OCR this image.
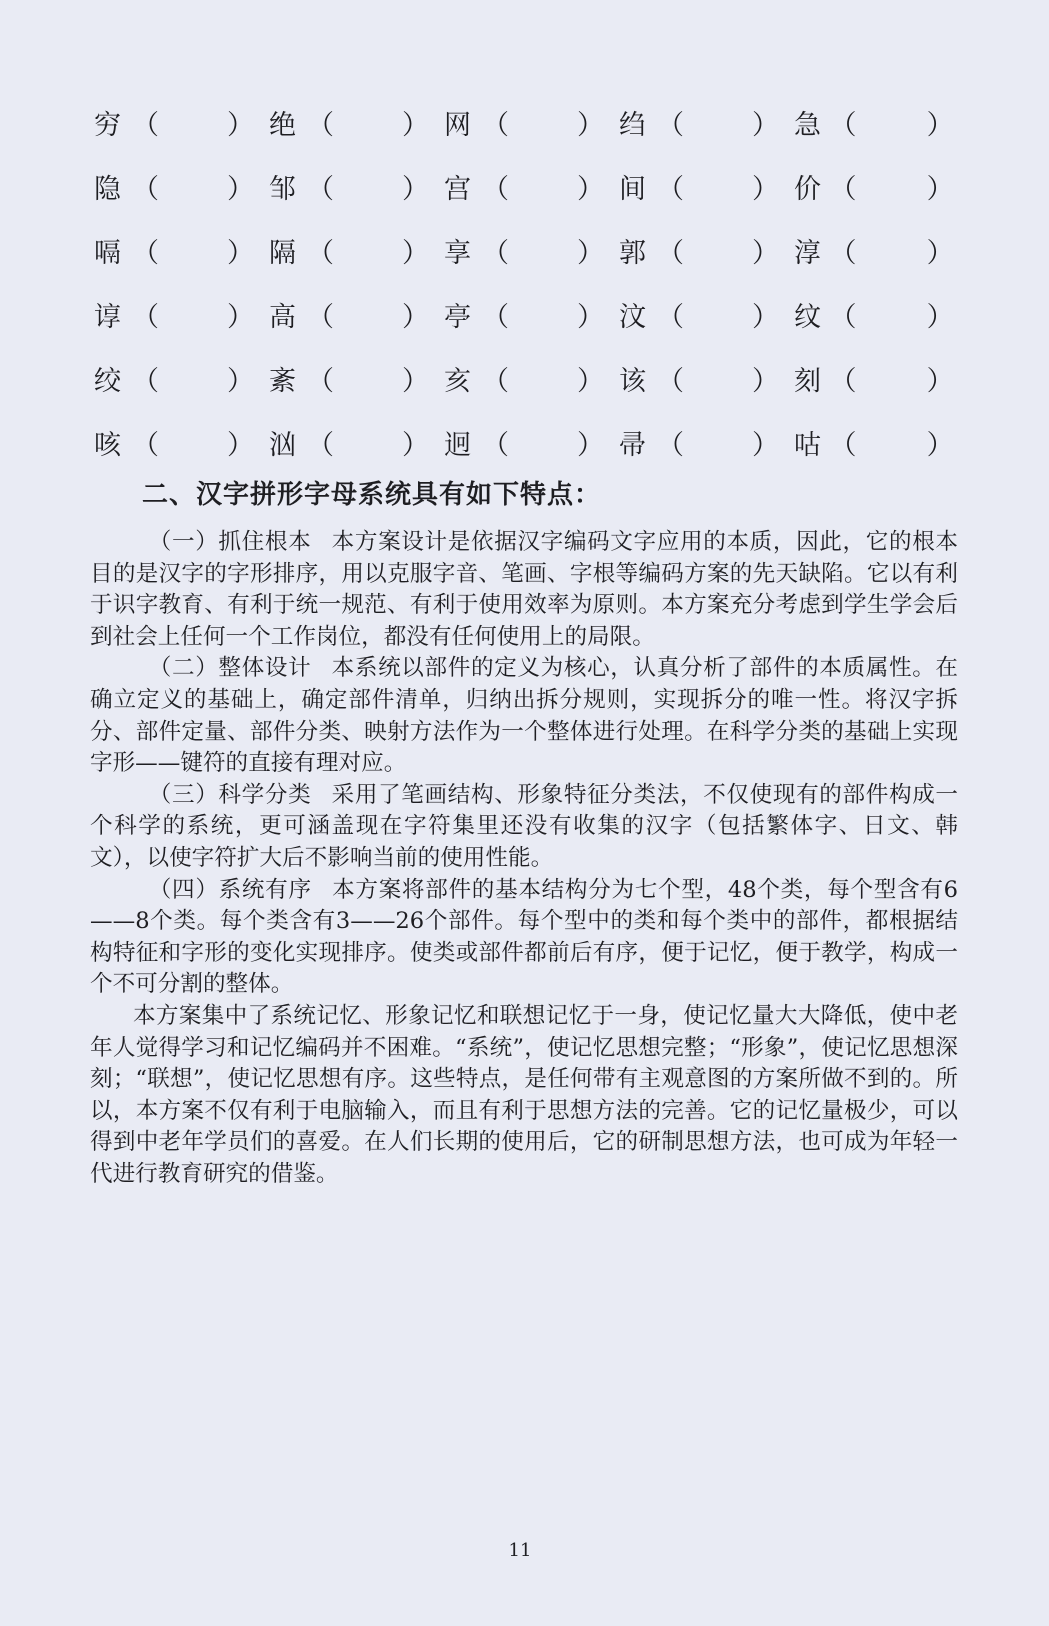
穷 （	） 绝 （	） 网 （	） 绉 （	） 急 （	）
隐 （	） 邹 （	） 宫 （	） 间 （	） 价 （	）
嗝 （	） 隔 （	） 享 （	） 郭 （	） 淳 （	）
谆 （	） 高 （	） 亭 （	） 汶 （	） 纹 （	）
绞 （	） 紊 （	） 亥 （	） 该 （	） 刻 （	）
咳 （	） 汹 （	） 迥 （	） 帚 （	） 咕 （	）
二、汉字拼形字母系统具有如下特点：

（一）抓住根本 本方案设计是依据汉字编码文字应用的本质，因此，它的根本目的是汉字的字形排序，用以克服字音、笔画、字根等编码方案的先天缺陷。它以有利于识字教育、有利于统一规范、有利于使用效率为原则。本方案充分考虑到学生学会后到社会上任何一个工作岗位，都没有任何使用上的局限。

（二）整体设计 本系统以部件的定义为核心，认真分析了部件的本质属性。在确立定义的基础上，确定部件清单，归纳出拆分规则，实现拆分的唯一性。将汉字拆分、部件定量、部件分类、映射方法作为一个整体进行处理。在科学分类的基础上实现字形——键符的直接有理对应。

（三）科学分类 采用了笔画结构、形象特征分类法，不仅使现有的部件构成一个科学的系统，更可涵盖现在字符集里还没有收集的汉字（包括繁体字、日文、韩文），以使字符扩大后不影响当前的使用性能。

（四）系统有序 本方案将部件的基本结构分为七个型，48个类，每个型含有6——8个类。每个类含有3——26个部件。每个型中的类和每个类中的部件，都根据结构特征和字形的变化实现排序。使类或部件都前后有序，便于记忆，便于教学，构成一个不可分割的整体。

本方案集中了系统记忆、形象记忆和联想记忆于一身，使记忆量大大降低，使中老年人觉得学习和记忆编码并不困难。“系统”，使记忆思想完整；“形象”，使记忆思想深刻；“联想”，使记忆思想有序。这些特点，是任何带有主观意图的方案所做不到的。所以，本方案不仅有利于电脑输入，而且有利于思想方法的完善。它的记忆量极少，可以得到中老年学员们的喜爱。在人们长期的使用后，它的研制思想方法，也可成为年轻一代进行教育研究的借鉴。

11
